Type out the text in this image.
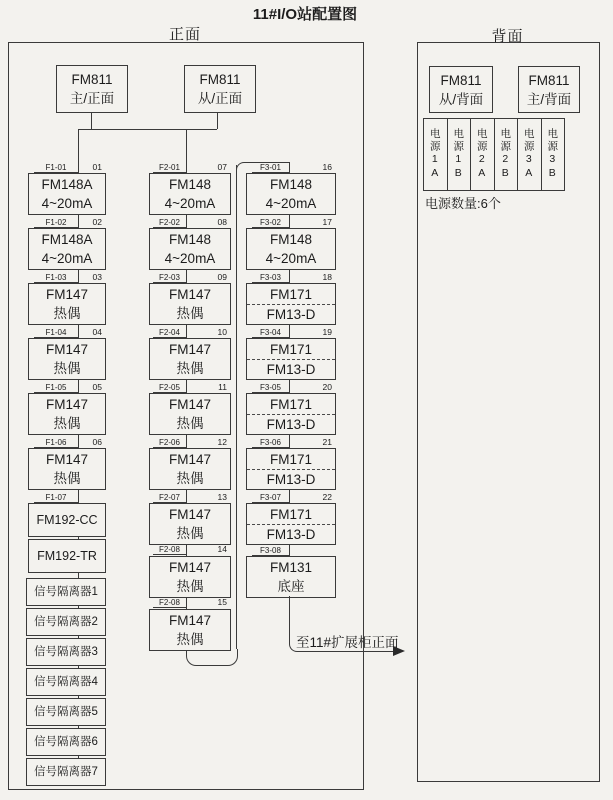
11#I/O站配置图
正面	背面
FM811
主/正面
FM811
从/正面
F1-01	01
FM148A
4~20mA
F1-02	02
FM148A
4~20mA
F1-03	03
FM147
热偶
F1-04	04
FM147
热偶
F1-05	05
FM147
热偶
F1-06	06
FM147
热偶
F1-07
FM192-CC
FM192-TR
信号隔离器1
信号隔离器2
信号隔离器3
信号隔离器4
信号隔离器5
信号隔离器6
信号隔离器7
F2-01	07
FM148
4~20mA
F2-02	08
FM148
4~20mA
F2-03	09
FM147
热偶
F2-04	10
FM147
热偶
F2-05	11
FM147
热偶
F2-06	12
FM147
热偶
F2-07	13
FM147
热偶
F2-08	14
FM147
热偶
F2-08	15
FM147
热偶
F3-01	16
FM148
4~20mA
F3-02	17
FM148
4~20mA
F3-03	18
FM171
FM13-D
F3-04	19
FM171
FM13-D
F3-05	20
FM171
FM13-D
F3-06	21
FM171
FM13-D
F3-07	22
FM171
FM13-D
F3-08
FM131
底座
至11#扩展柜正面
FM811
从/背面
FM811
主/背面
电源1A 电源1B 电源2A 电源2B 电源3A 电源3B
电源数量:6个
